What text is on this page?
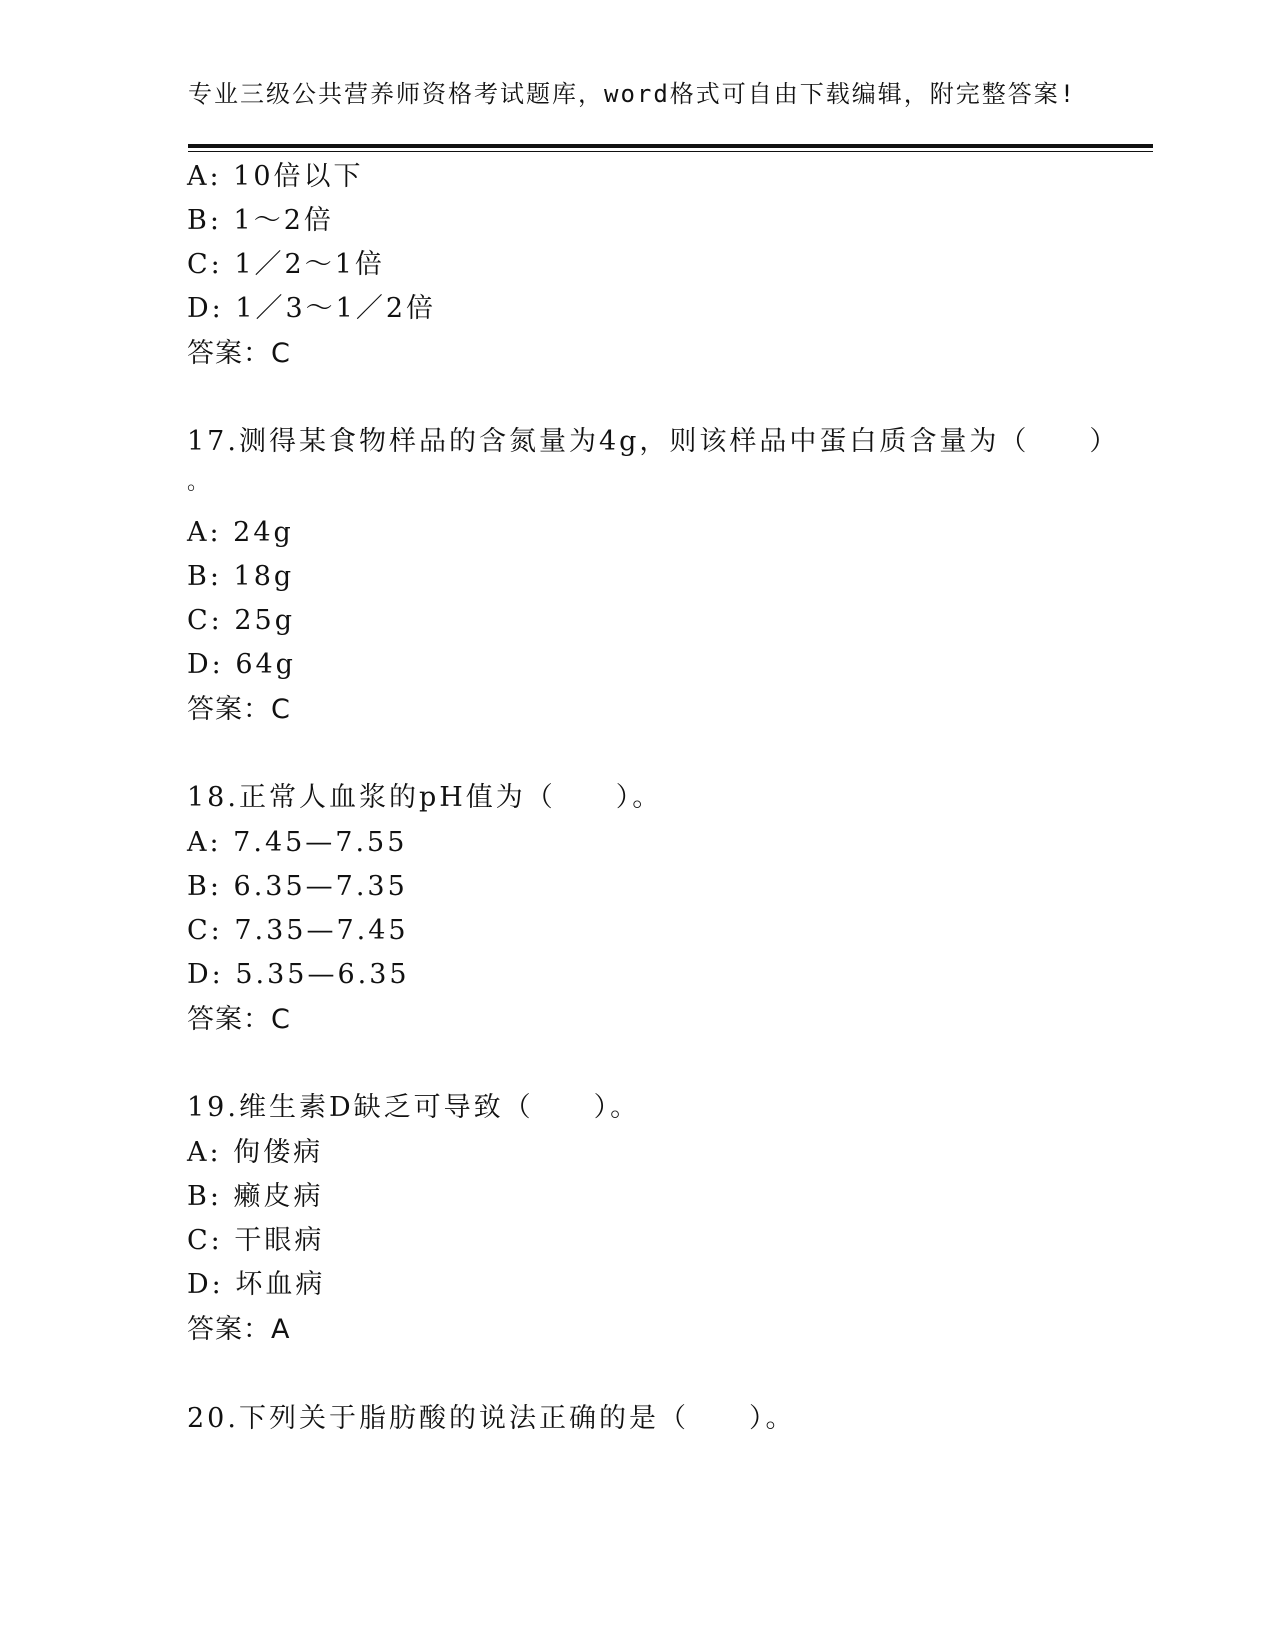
专业三级公共营养师资格考试题库，word格式可自由下载编辑，附完整答案!
A: 10倍以下
B: 1～2倍
C: 1／2～1倍
D: 1／3～1／2倍
答案：C
17.测得某食物样品的含氮量为4g，则该样品中蛋白质含量为（　　）
。
A: 24g
B: 18g
C: 25g
D: 64g
答案：C
18.正常人血浆的pH值为（　　）。
A: 7.45—7.55
B: 6.35—7.35
C: 7.35—7.45
D: 5.35—6.35
答案：C
19.维生素D缺乏可导致（　　）。
A: 佝偻病
B: 癞皮病
C: 干眼病
D: 坏血病
答案：A
20.下列关于脂肪酸的说法正确的是（　　）。
